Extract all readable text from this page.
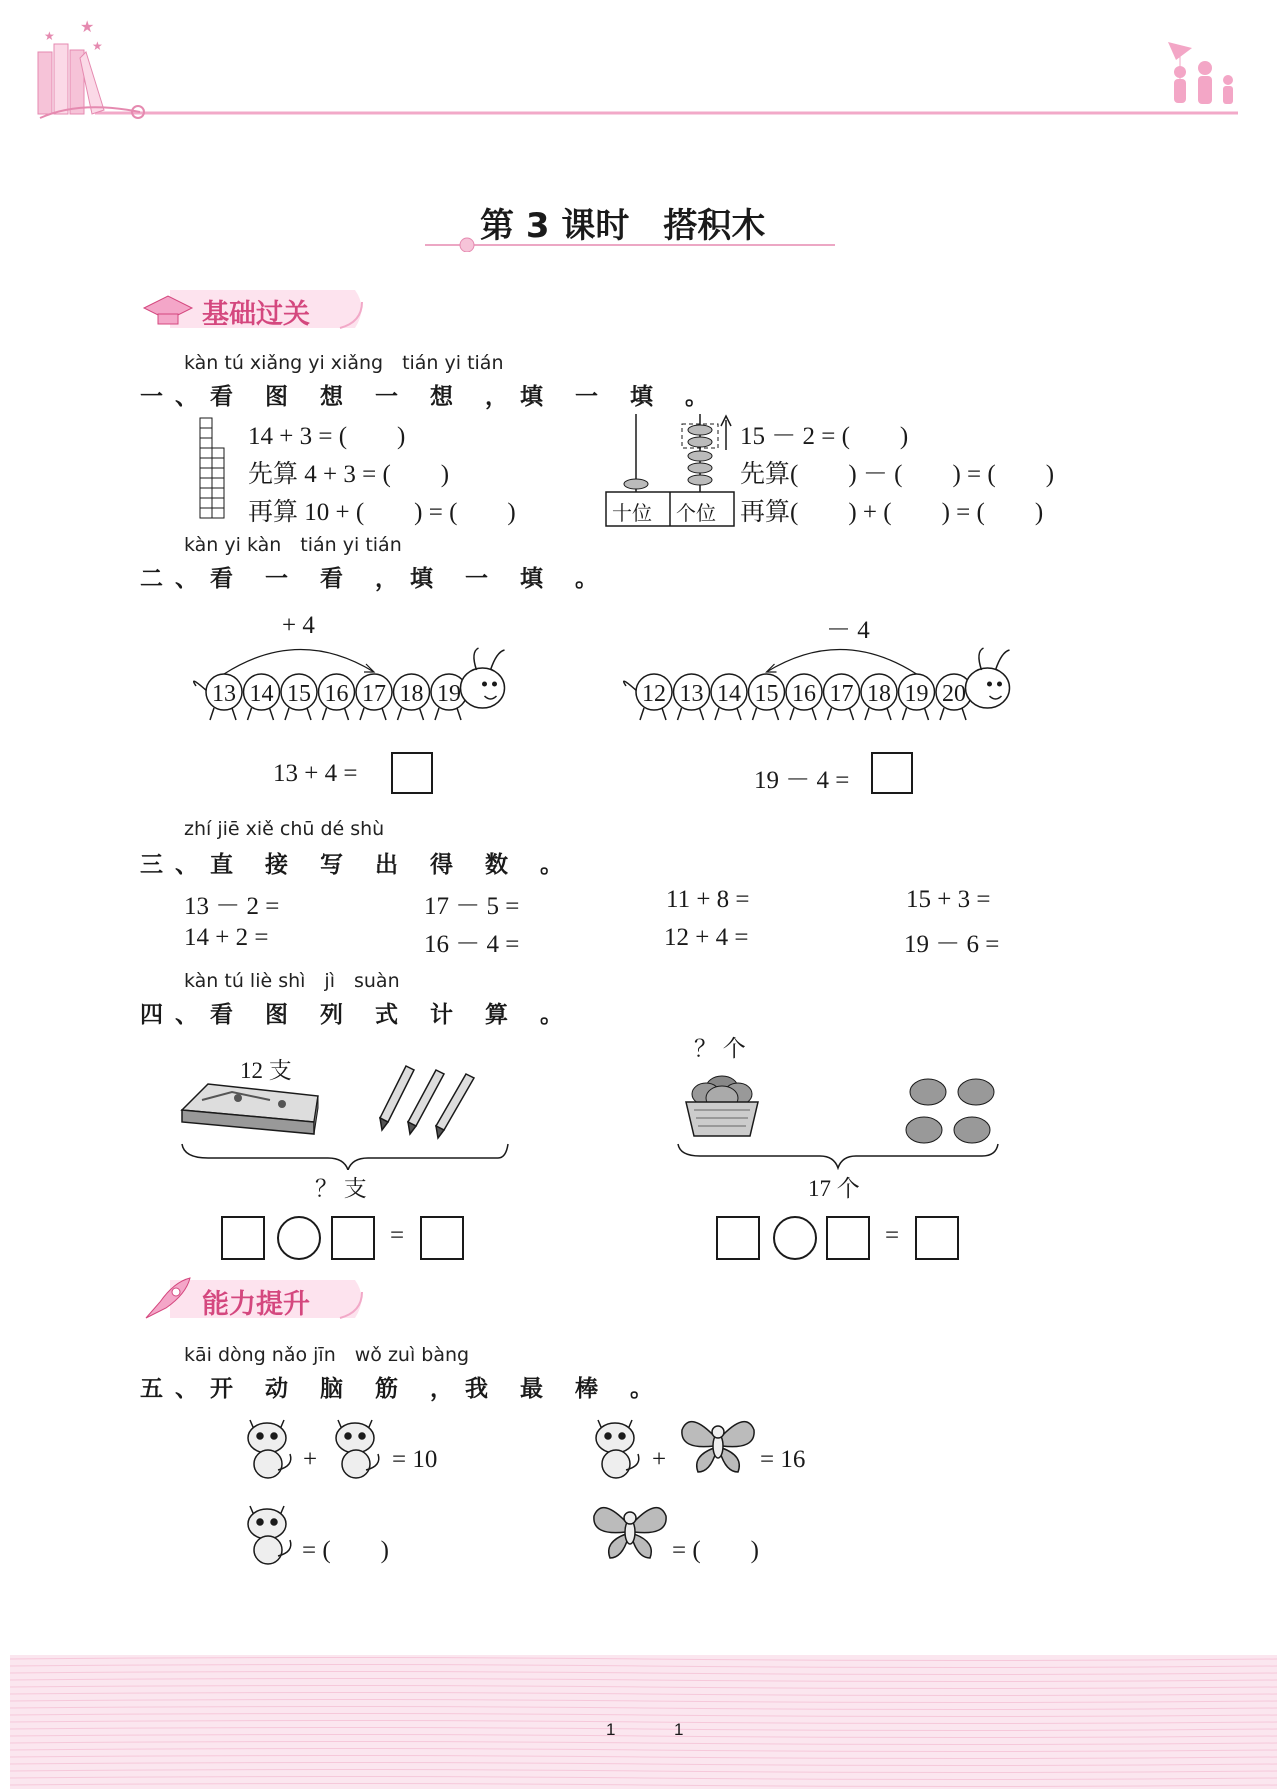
★
★
★
第 3 课时　搭积木
基础过关
kàn tú xiǎng yi xiǎng　tián yi tián
一、看 图 想 一 想 ，填 一 填 。
14 + 3 = (　　)
先算 4 + 3 = (　　)
再算 10 + (　　) = (　　)	十位 个位
15 － 2 = (　　)
先算(　　) － (　　) = (　　)
再算(　　) + (　　) = (　　)
kàn yi kàn　tián yi tián
二、看 一 看 ，填 一 填 。
+ 4	－ 4
13 14 15 16 17 18 19	12 13 14 15 16 17 18 19 20
13 + 4 =	19 － 4 =
zhí jiē xiě chū dé shù
三、直 接 写 出 得 数 。
13 － 2 =	17 － 5 =	11 + 8 =	15 + 3 =
14 + 2 =	16 － 4 =	12 + 4 =	19 － 6 =
kàn tú liè shì　jì　suàn
四、看 图 列 式 计 算 。
12 支
？ 个
？ 支	17 个
=	=
能力提升
kāi dòng nǎo jīn　wǒ zuì bàng
五、开 动 脑 筋 ，我 最 棒 。
+	= 10	+	= 16
= (　　)	= (　　)
1	1
